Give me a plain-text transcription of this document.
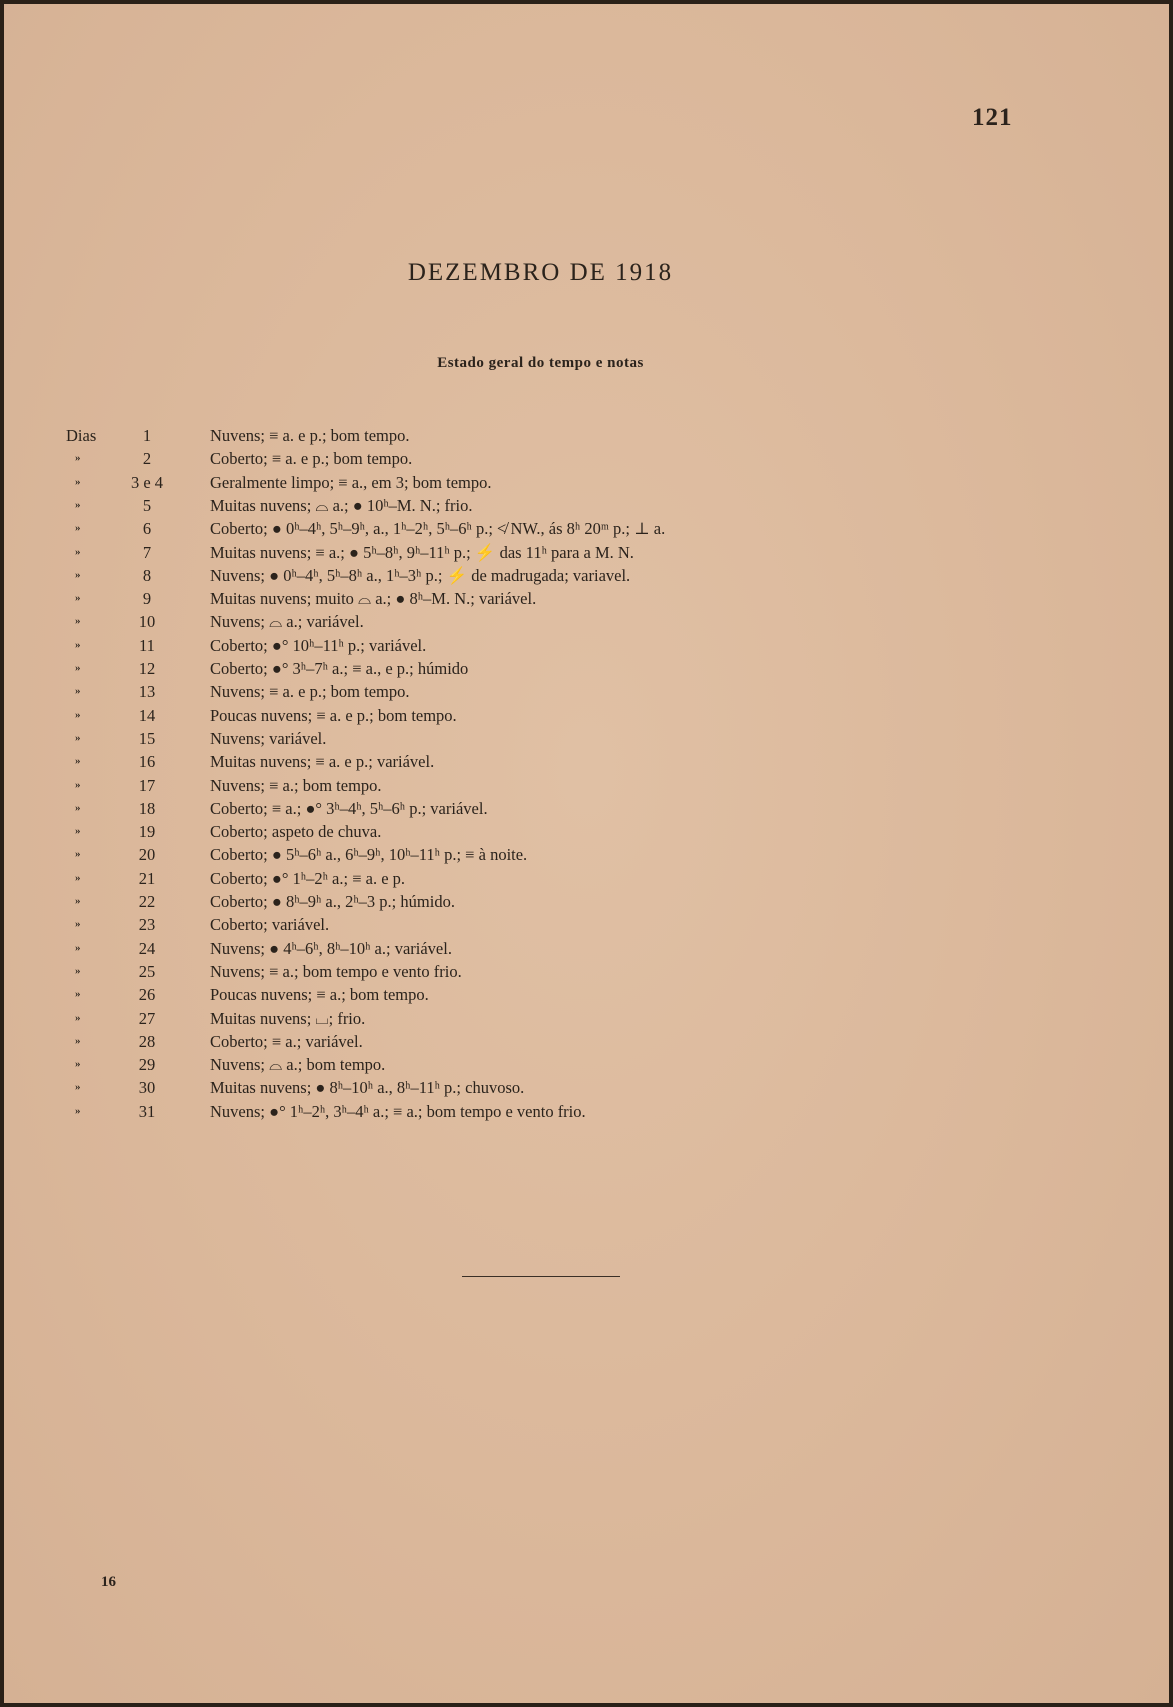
121
DEZEMBRO DE 1918
Estado geral do tempo e notas
Dias	1	Nuvens; ≡ a. e p.; bom tempo.
»	2	Coberto; ≡ a. e p.; bom tempo.
»	3 e 4	Geralmente limpo; ≡ a., em 3; bom tempo.
»	5	Muitas nuvens; ⌓ a.; ● 10ʰ–M. N.; frio.
»	6	Coberto; ● 0ʰ–4ʰ, 5ʰ–9ʰ, a., 1ʰ–2ʰ, 5ʰ–6ʰ p.; ≮ NW., ás 8ʰ 20ᵐ p.; ⊥ a.
»	7	Muitas nuvens; ≡ a.; ● 5ʰ–8ʰ, 9ʰ–11ʰ p.; ⚡ das 11ʰ para a M. N.
»	8	Nuvens; ● 0ʰ–4ʰ, 5ʰ–8ʰ a., 1ʰ–3ʰ p.; ⚡ de madrugada; variavel.
»	9	Muitas nuvens; muito ⌓ a.; ● 8ʰ–M. N.; variável.
»	10	Nuvens; ⌓ a.; variável.
»	11	Coberto; ●° 10ʰ–11ʰ p.; variável.
»	12	Coberto; ●° 3ʰ–7ʰ a.; ≡ a., e p.; húmido
»	13	Nuvens; ≡ a. e p.; bom tempo.
»	14	Poucas nuvens; ≡ a. e p.; bom tempo.
»	15	Nuvens; variável.
»	16	Muitas nuvens; ≡ a. e p.; variável.
»	17	Nuvens; ≡ a.; bom tempo.
»	18	Coberto; ≡ a.; ●° 3ʰ–4ʰ, 5ʰ–6ʰ p.; variável.
»	19	Coberto; aspeto de chuva.
»	20	Coberto; ● 5ʰ–6ʰ a., 6ʰ–9ʰ, 10ʰ–11ʰ p.; ≡ à noite.
»	21	Coberto; ●° 1ʰ–2ʰ a.; ≡ a. e p.
»	22	Coberto; ● 8ʰ–9ʰ a., 2ʰ–3 p.; húmido.
»	23	Coberto; variável.
»	24	Nuvens; ● 4ʰ–6ʰ, 8ʰ–10ʰ a.; variável.
»	25	Nuvens; ≡ a.; bom tempo e vento frio.
»	26	Poucas nuvens; ≡ a.; bom tempo.
»	27	Muitas nuvens; ⌴; frio.
»	28	Coberto; ≡ a.; variável.
»	29	Nuvens; ⌓ a.; bom tempo.
»	30	Muitas nuvens; ● 8ʰ–10ʰ a., 8ʰ–11ʰ p.; chuvoso.
»	31	Nuvens; ●° 1ʰ–2ʰ, 3ʰ–4ʰ a.; ≡ a.; bom tempo e vento frio.
16
